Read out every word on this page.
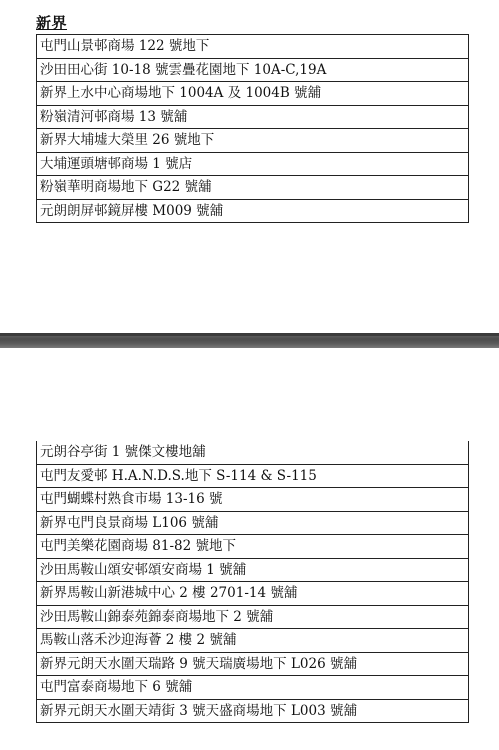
新界
屯門山景邨商場 122 號地下
沙田田心街 10-18 號雲疊花園地下 10A-C,19A
新界上水中心商場地下 1004A 及 1004B 號舖
粉嶺清河邨商場 13 號舖
新界大埔墟大榮里 26 號地下
大埔運頭塘邨商場 1 號店
粉嶺華明商場地下 G22 號舖
元朗朗屏邨鏡屏樓 M009 號舖
元朗谷亭街 1 號傑文樓地舖
屯門友愛邨 H.A.N.D.S.地下 S-114 & S-115
屯門蝴蝶村熟食市場 13-16 號
新界屯門良景商場 L106 號舖
屯門美樂花園商場 81-82 號地下
沙田馬鞍山頌安邨頌安商場 1 號舖
新界馬鞍山新港城中心 2 樓 2701-14 號舖
沙田馬鞍山錦泰苑錦泰商場地下 2 號舖
馬鞍山落禾沙迎海薈 2 樓 2 號舖
新界元朗天水圍天瑞路 9 號天瑞廣場地下 L026 號舖
屯門富泰商場地下 6 號舖
新界元朗天水圍天靖街 3 號天盛商場地下 L003 號舖
